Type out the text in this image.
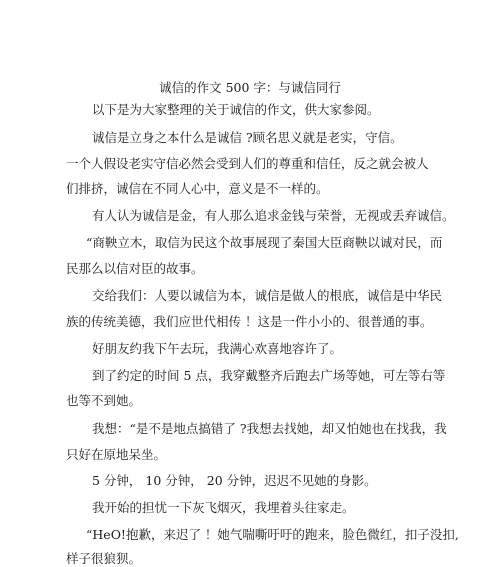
诚信的作文 500 字：与诚信同行
以下是为大家整理的关于诚信的作文，供大家参阅。
诚信是立身之本什么是诚信 ?顾名思义就是老实，守信。
一个人假设老实守信必然会受到人们的尊重和信任，反之就会被人
们排挤，诚信在不同人心中，意义是不一样的。
有人认为诚信是金，有人那么追求金钱与荣誉，无视或丢弃诚信。
“商鞅立木，取信为民这个故事展现了秦国大臣商鞅以诚对民，而
民那么以信对臣的故事。
交给我们：人要以诚信为本，诚信是做人的根底，诚信是中华民
族的传统美德，我们应世代相传 ！这是一件小小的、很普通的事。
好朋友约我下午去玩，我满心欢喜地容许了。
到了约定的时间 5 点，我穿戴整齐后跑去广场等她，可左等右等
也等不到她。
我想：“是不是地点搞错了 ?我想去找她，却又怕她也在找我，我
只好在原地呆坐。
5 分钟， 10 分钟， 20 分钟，迟迟不见她的身影。
我开始的担忧一下灰飞烟灭，我埋着头往家走。
“HeO!抱歉，来迟了 ！她气喘嘶吁吁的跑来，脸色微红，扣子没扣,
样子很狼狈。
